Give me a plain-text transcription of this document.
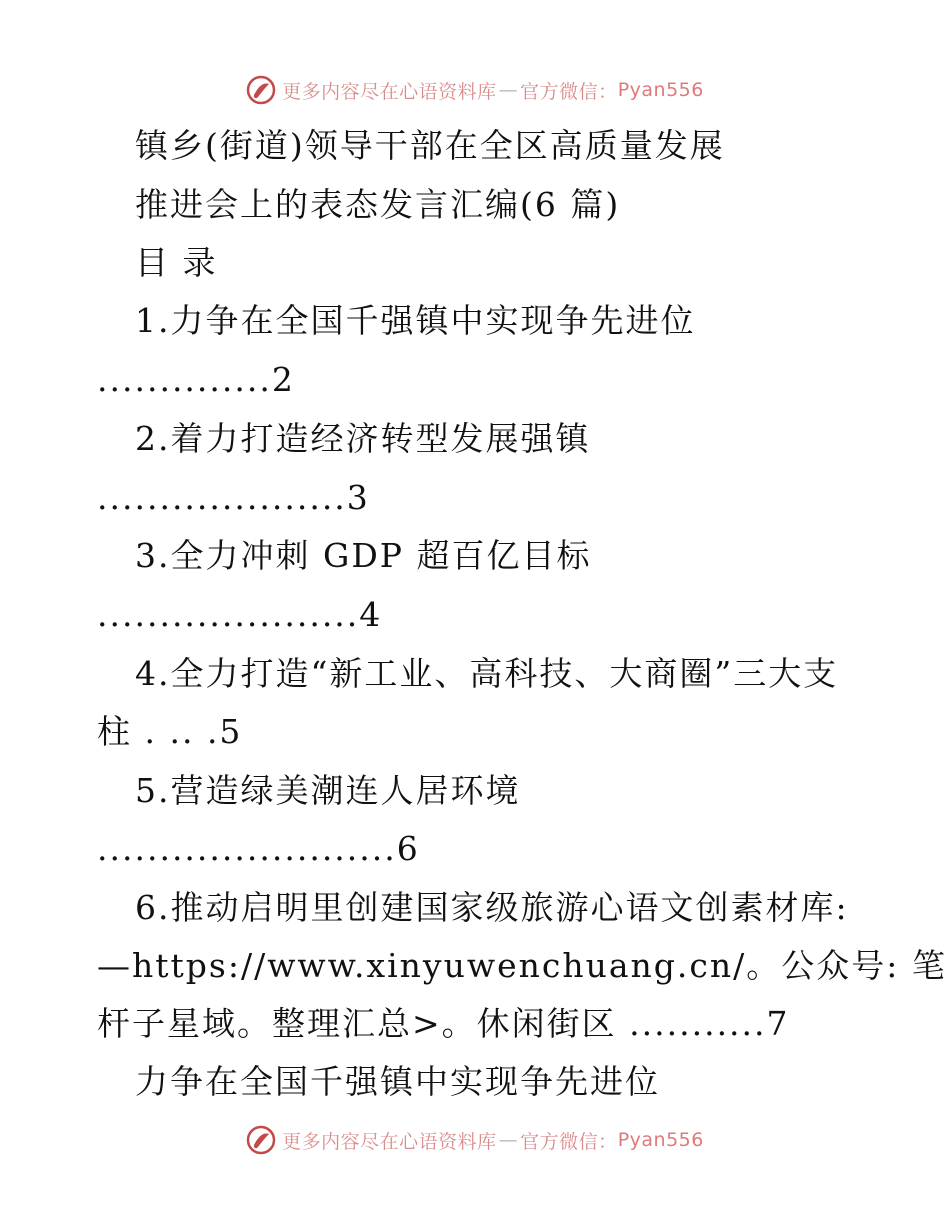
更多内容尽在心语资料库 — 官方微信： Pyan556
镇乡(街道)领导干部在全区高质量发展
推进会上的表态发言汇编(6 篇)
目 录
1.力争在全国千强镇中实现争先进位
..............2
2.着力打造经济转型发展强镇
....................3
3.全力冲刺 GDP 超百亿目标
.....................4
4.全力打造“新工业、高科技、大商圈”三大支
柱 . .. .5
5.营造绿美潮连人居环境
........................6
6.推动启明里创建国家级旅游心语文创素材库:
—https://www.xinyuwenchuang.cn/。公众号: 笔
杆子星域。整理汇总>。休闲街区 ...........7
力争在全国千强镇中实现争先进位
更多内容尽在心语资料库 — 官方微信： Pyan556
